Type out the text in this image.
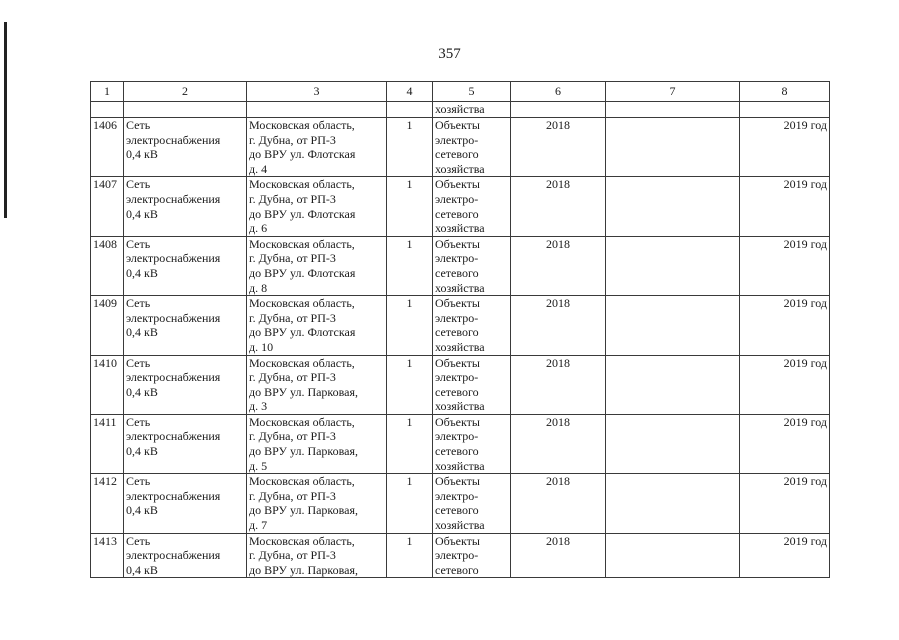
357
1	2	3	4	5	6	7	8
				хозяйства			

1406	Сеть
электроснабжения
0,4 кВ	Московская область,
г. Дубна, от РП-3
до ВРУ ул. Флотская
д. 4	1	Объекты
электро-
сетевого
хозяйства	2018		2019 год

1407	Сеть
электроснабжения
0,4 кВ	Московская область,
г. Дубна, от РП-3
до ВРУ ул. Флотская
д. 6	1	Объекты
электро-
сетевого
хозяйства	2018		2019 год

1408	Сеть
электроснабжения
0,4 кВ	Московская область,
г. Дубна, от РП-3
до ВРУ ул. Флотская
д. 8	1	Объекты
электро-
сетевого
хозяйства	2018		2019 год

1409	Сеть
электроснабжения
0,4 кВ	Московская область,
г. Дубна, от РП-3
до ВРУ ул. Флотская
д. 10	1	Объекты
электро-
сетевого
хозяйства	2018		2019 год

1410	Сеть
электроснабжения
0,4 кВ	Московская область,
г. Дубна, от РП-3
до ВРУ ул. Парковая,
д. 3	1	Объекты
электро-
сетевого
хозяйства	2018		2019 год

1411	Сеть
электроснабжения
0,4 кВ	Московская область,
г. Дубна, от РП-3
до ВРУ ул. Парковая,
д. 5	1	Объекты
электро-
сетевого
хозяйства	2018		2019 год

1412	Сеть
электроснабжения
0,4 кВ	Московская область,
г. Дубна, от РП-3
до ВРУ ул. Парковая,
д. 7	1	Объекты
электро-
сетевого
хозяйства	2018		2019 год

1413	Сеть
электроснабжения
0,4 кВ	Московская область,
г. Дубна, от РП-3
до ВРУ ул. Парковая,	1	Объекты
электро-
сетевого	2018		2019 год
